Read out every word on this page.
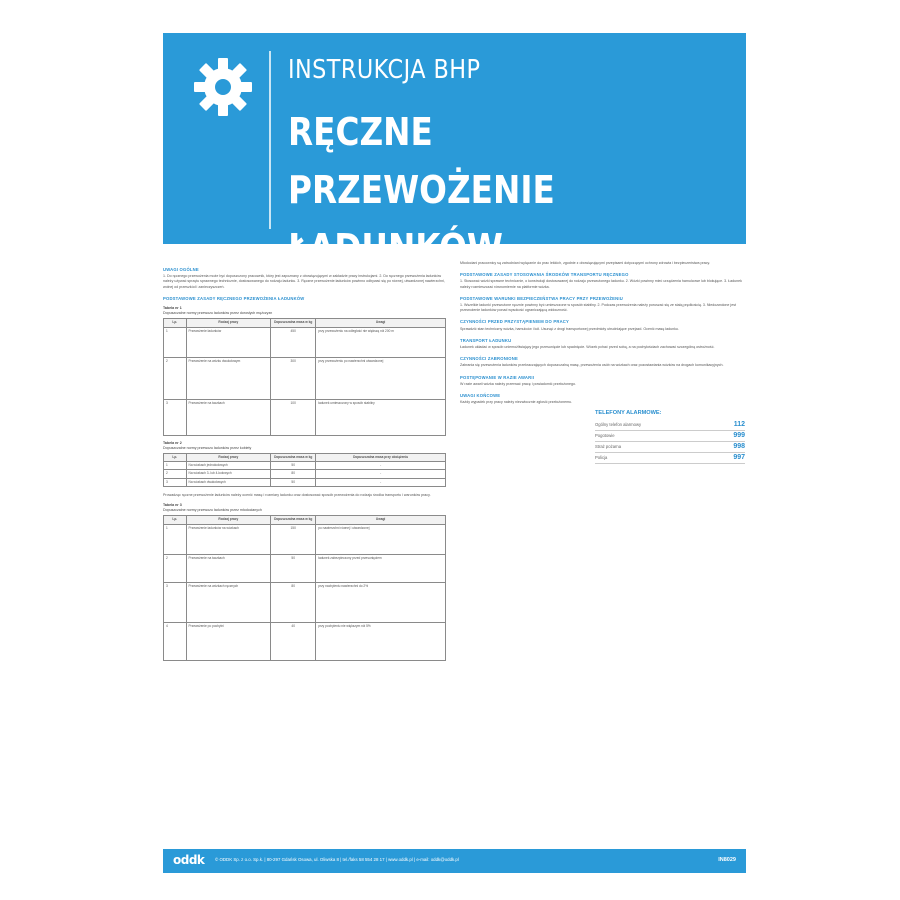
INSTRUKCJA BHP
RĘCZNE PRZEWOŻENIE ŁADUNKÓW
UWAGI OGÓLNE
1. Do ręcznego przewożenia może być dopuszczony pracownik, który jest zapoznany z obowiązującymi w zakładzie pracy instrukcjami. 2. Do ręcznego przewożenia ładunków należy używać sprzętu sprawnego technicznie, dostosowanego do rodzaju ładunku. 3. Ręczne przewożenie ładunków powinno odbywać się po równej, utwardzonej nawierzchni, wolnej od przeszkód i zanieczyszczeń.
PODSTAWOWE ZASADY RĘCZNEGO PRZEWOŻENIA ŁADUNKÓW
Tabela nr 1
Dopuszczalne normy przewozu ładunków przez dorosłych mężczyzn
Lp.	Rodzaj pracy	Dopuszczalna masa w kg	Uwagi
1	Przewożenie ładunków	450	przy przewożeniu na odległość nie większą niż 200 m
2	Przewożenie na wózku dwukołowym	300	przy przewożeniu po nawierzchni utwardzonej
3	Przewożenie na taczkach	100	ładunek umieszczony w sposób stabilny
Tabela nr 2
Dopuszczalne normy przewozu ładunków przez kobiety
Lp.	Rodzaj pracy	Dopuszczalna masa w kg	Dopuszczalna masa przy obciążeniu
1	Na wózkach jednokołowych	50	-
2	Na wózkach 3- lub 4-kołowych	80	-
3	Na wózkach dwukołowych	50	-
Prowadząc ręczne przewożenie ładunków należy ocenić masę i rozmiary ładunku oraz dostosować sposób przewożenia do rodzaju środka transportu i warunków pracy.
Tabela nr 3
Dopuszczalne normy przewozu ładunków przez młodocianych
Lp.	Rodzaj pracy	Dopuszczalna masa w kg	Uwagi
1	Przewożenie ładunków na wózkach	150	po nawierzchni równej i utwardzonej
2	Przewożenie na taczkach	50	ładunek zabezpieczony przed przesunięciem
3	Przewożenie na wózkach ręcznych	80	przy nachyleniu nawierzchni do 2%
4	Przewożenie po pochylni	40	przy pochyleniu nie większym niż 5%
Młodociani pracownicy są zatrudniani wyłącznie do prac lekkich, zgodnie z obowiązującymi przepisami dotyczącymi ochrony zdrowia i bezpieczeństwa pracy.
PODSTAWOWE ZASADY STOSOWANIA ŚRODKÓW TRANSPORTU RĘCZNEGO
1. Stosować wózki sprawne technicznie, o konstrukcji dostosowanej do rodzaju przewożonego ładunku. 2. Wózki powinny mieć urządzenia hamulcowe lub blokujące. 3. Ładunek należy rozmieszczać równomiernie na platformie wózka.
PODSTAWOWE WARUNKI BEZPIECZEŃSTWA PRACY PRZY PRZEWOŻENIU
1. Wszelkie ładunki przewożone ręcznie powinny być umieszczone w sposób stabilny. 2. Podczas przewożenia należy poruszać się ze stałą prędkością. 3. Niedozwolone jest przewożenie ładunków ponad wysokość ograniczającą widoczność.
CZYNNOŚCI PRZED PRZYSTĄPIENIEM DO PRACY
Sprawdzić stan techniczny wózka, hamulców i kół. Usunąć z drogi transportowej przedmioty utrudniające przejazd. Ocenić masę ładunku.
TRANSPORT ŁADUNKU
Ładunek układać w sposób uniemożliwiający jego przesunięcie lub spadnięcie. Wózek pchać przed sobą, a na pochyłościach zachować szczególną ostrożność.
CZYNNOŚCI ZABRONIONE
Zabrania się przewożenia ładunków przekraczających dopuszczalną masę, przewożenia osób na wózkach oraz pozostawiania wózków na drogach komunikacyjnych.
POSTĘPOWANIE W RAZIE AWARII
W razie awarii wózka należy przerwać pracę i powiadomić przełożonego.
UWAGI KOŃCOWE
Każdy wypadek przy pracy należy niezwłocznie zgłosić przełożonemu.
TELEFONY ALARMOWE:
Ogólny telefon alarmowy	112
Pogotowie	999
Straż pożarna	998
Policja	997
oddk © ODDK Sp. z o.o. Sp.k. | 80-297 Gdańsk Osowa, ul. Oliwska 8 | tel./faks 58 554 28 17 | www.oddk.pl | e-mail: oddk@oddk.pl	IN8029
